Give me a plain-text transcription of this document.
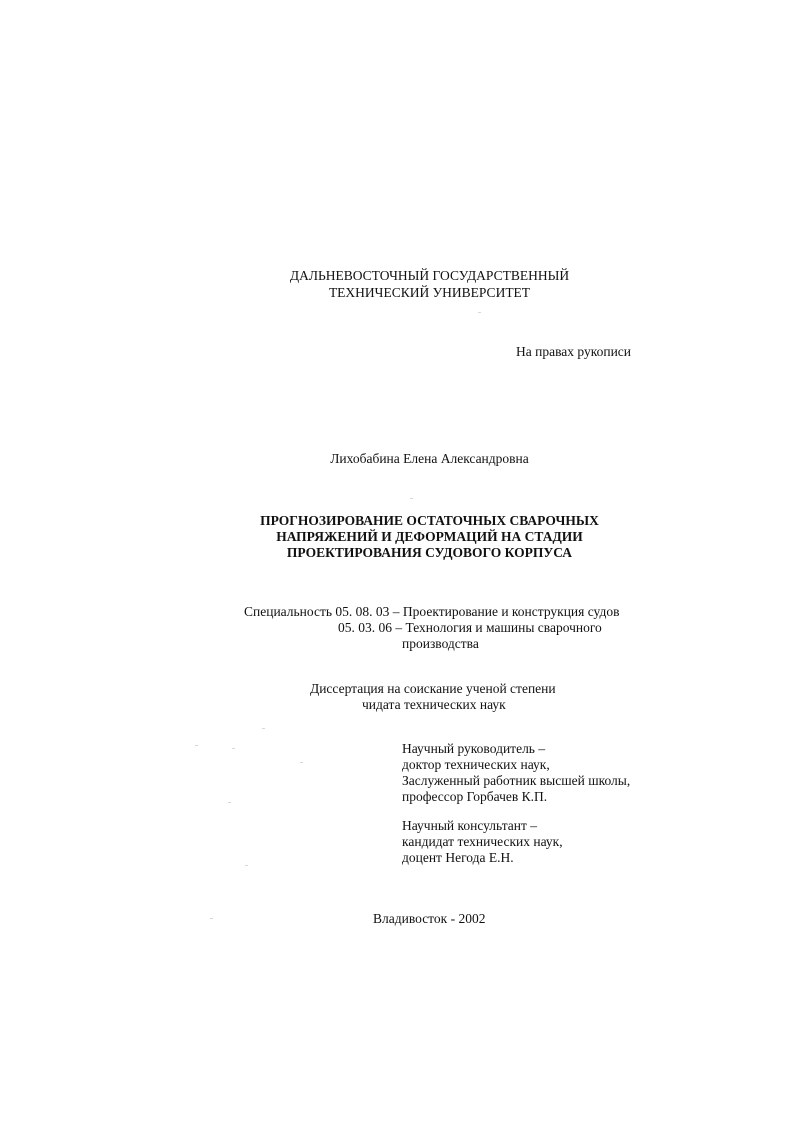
ДАЛЬНЕВОСТОЧНЫЙ ГОСУДАРСТВЕННЫЙ
ТЕХНИЧЕСКИЙ УНИВЕРСИТЕТ
На правах рукописи
Лихобабина Елена Александровна
ПРОГНОЗИРОВАНИЕ ОСТАТОЧНЫХ СВАРОЧНЫХ
НАПРЯЖЕНИЙ И ДЕФОРМАЦИЙ НА СТАДИИ
ПРОЕКТИРОВАНИЯ СУДОВОГО КОРПУСА
Специальность 05. 08. 03 – Проектирование и конструкция судов
05. 03. 06 – Технология и машины сварочного
производства
Диссертация на соискание ученой степени
чидата технических наук
Научный руководитель –
доктор технических наук,
Заслуженный работник высшей школы,
профессор Горбачев К.П.
Научный консультант –
кандидат технических наук,
доцент Негода Е.Н.
Владивосток - 2002
